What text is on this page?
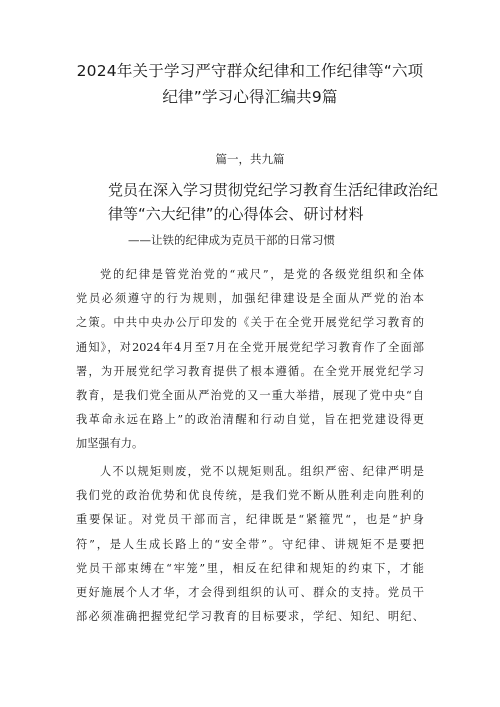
2024年关于学习严守群众纪律和工作纪律等“六项
纪律”学习心得汇编共9篇
篇一，共九篇
党员在深入学习贯彻党纪学习教育生活纪律政治纪
律等“六大纪律”的心得体会、研讨材料
——让铁的纪律成为克员干部的日常习惯
党的纪律是管党治党的“戒尺”，是党的各级党组织和全体
党员必须遵守的行为规则，加强纪律建设是全面从严党的治本
之策。中共中央办公厅印发的《关于在全党开展党纪学习教育的
通知》，对2024年4月至7月在全党开展党纪学习教育作了全面部
署，为开展党纪学习教育提供了根本遵循。在全党开展党纪学习
教育，是我们党全面从严治党的又一重大举措，展现了党中央“自
我革命永远在路上”的政治清醒和行动自觉，旨在把党建设得更
加坚强有力。
人不以规矩则废，党不以规矩则乱。组织严密、纪律严明是
我们党的政治优势和优良传统，是我们党不断从胜利走向胜利的
重要保证。对党员干部而言，纪律既是“紧箍咒“，也是“护身
符”，是人生成长路上的“安全带”。守纪律、讲规矩不是要把
党员干部束缚在“牢笼”里，相反在纪律和规矩的约束下，才能
更好施展个人才华，才会得到组织的认可、群众的支持。党员干
部必须准确把握党纪学习教育的目标要求，学纪、知纪、明纪、
